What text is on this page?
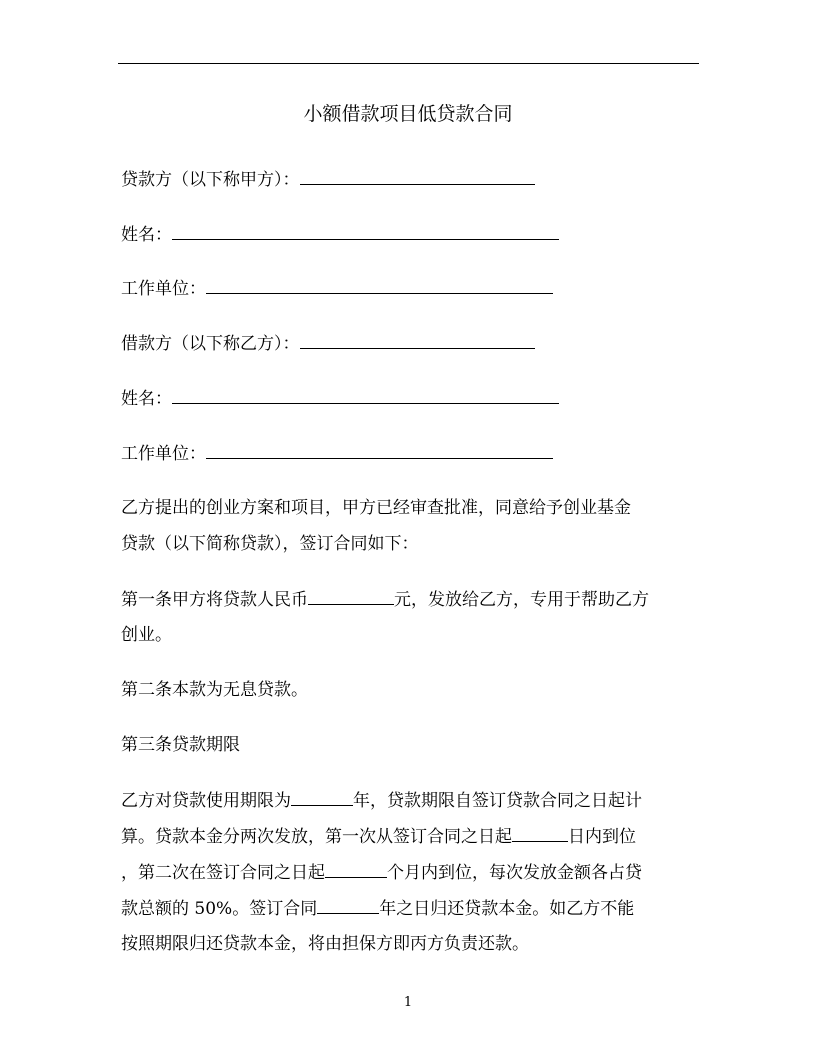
小额借款项目低贷款合同
贷款方（以下称甲方）：
姓名：
工作单位：
借款方（以下称乙方）：
姓名：
工作单位：
乙方提出的创业方案和项目，甲方已经审查批准，同意给予创业基金
贷款（以下简称贷款），签订合同如下：
第一条甲方将贷款人民币	元，发放给乙方，专用于帮助乙方
创业。
第二条本款为无息贷款。
第三条贷款期限
乙方对贷款使用期限为	年，贷款期限自签订贷款合同之日起计
算。贷款本金分两次发放，第一次从签订合同之日起	日内到位
，第二次在签订合同之日起	个月内到位，每次发放金额各占贷
款总额的 50%。签订合同	年之日归还贷款本金。如乙方不能
按照期限归还贷款本金，将由担保方即丙方负责还款。
1
